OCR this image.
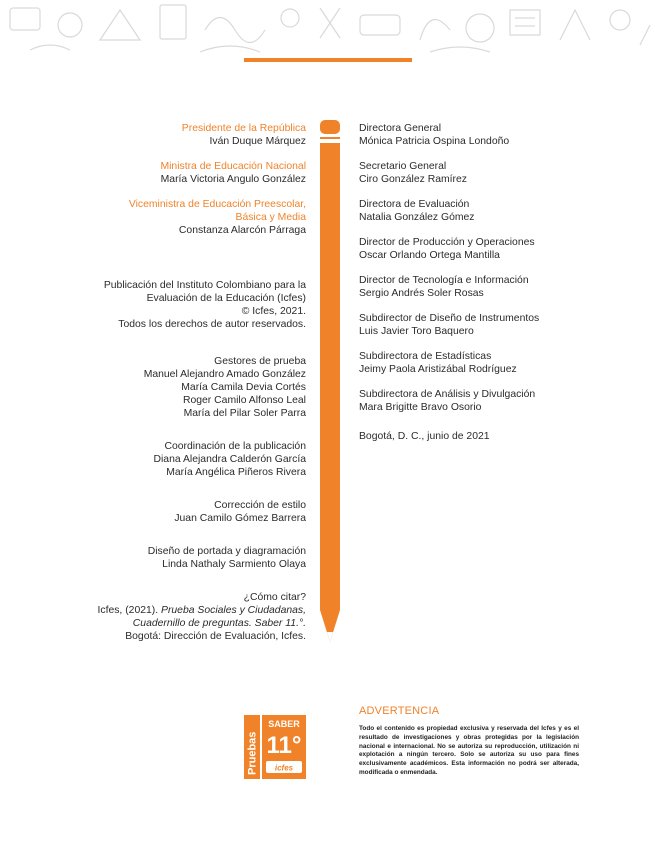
Presidente de la República
Iván Duque Márquez
Ministra de Educación Nacional
María Victoria Angulo González
Viceministra de Educación Preescolar,
Básica y Media
Constanza Alarcón Párraga
Publicación del Instituto Colombiano para la
Evaluación de la Educación (Icfes)
© Icfes, 2021.
Todos los derechos de autor reservados.
Gestores de prueba
Manuel Alejandro Amado González
María Camila Devia Cortés
Roger Camilo Alfonso Leal
María del Pilar Soler Parra
Coordinación de la publicación
Diana Alejandra Calderón García
María Angélica Piñeros Rivera
Corrección de estilo
Juan Camilo Gómez Barrera
Diseño de portada y diagramación
Linda Nathaly Sarmiento Olaya
¿Cómo citar?
Icfes, (2021). Prueba Sociales y Ciudadanas,
Cuadernillo de preguntas. Saber 11.°.
Bogotá: Dirección de Evaluación, Icfes.
Directora General
Mónica Patricia Ospina Londoño
Secretario General
Ciro González Ramírez
Directora de Evaluación
Natalia González Gómez
Director de Producción y Operaciones
Oscar Orlando Ortega Mantilla
Director de Tecnología e Información
Sergio Andrés Soler Rosas
Subdirector de Diseño de Instrumentos
Luis Javier Toro Baquero
Subdirectora de Estadísticas
Jeimy Paola Aristizábal Rodríguez
Subdirectora de Análisis y Divulgación
Mara Brigitte Bravo Osorio
Bogotá, D. C., junio de 2021
Pruebas
SABER
11°
icfes
ADVERTENCIA
Todo el contenido es propiedad exclusiva y reservada del Icfes y es el resultado de investigaciones y obras protegidas por la legislación nacional e internacional. No se autoriza su reproducción, utilización ni explotación a ningún tercero. Solo se autoriza su uso para fines exclusivamente académicos. Esta información no podrá ser alterada, modificada o enmendada.
